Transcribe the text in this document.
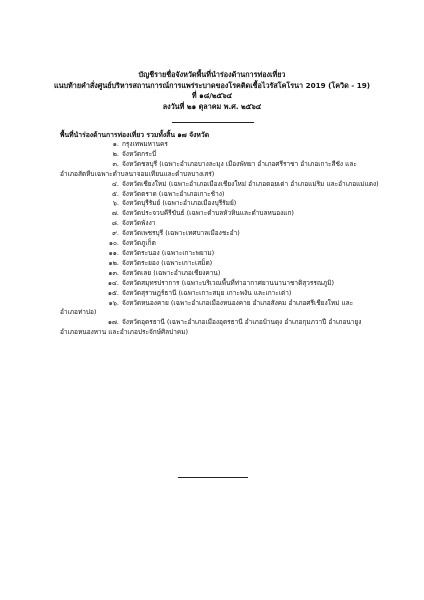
บัญชีรายชื่อจังหวัดพื้นที่นำร่องด้านการท่องเที่ยว
แนบท้ายคำสั่งศูนย์บริหารสถานการณ์การแพร่ระบาดของโรคติดเชื้อไวรัสโคโรนา 2019 (โควิด - 19)
ที่ ๑๘/๒๕๖๔
ลงวันที่ ๒๑ ตุลาคม พ.ศ. ๒๕๖๔
พื้นที่นำร่องด้านการท่องเที่ยว รวมทั้งสิ้น ๑๗ จังหวัด
๑. กรุงเทพมหานคร
๒. จังหวัดกระบี่
๓. จังหวัดชลบุรี (เฉพาะอำเภอบางละมุง เมืองพัทยา อำเภอศรีราชา อำเภอเกาะสีชัง และ
อำเภอสัตหีบเฉพาะตำบลนาจอมเทียนและตำบลบางเสร่)
๔. จังหวัดเชียงใหม่ (เฉพาะอำเภอเมืองเชียงใหม่ อำเภอดอยเต่า อำเภอแม่ริม และอำเภอแม่แตง)
๕. จังหวัดตราด (เฉพาะอำเภอเกาะช้าง)
๖. จังหวัดบุรีรัมย์ (เฉพาะอำเภอเมืองบุรีรัมย์)
๗. จังหวัดประจวบคีรีขันธ์ (เฉพาะตำบลหัวหินและตำบลหนองแก)
๘. จังหวัดพังงา
๙. จังหวัดเพชรบุรี (เฉพาะเทศบาลเมืองชะอำ)
๑๐. จังหวัดภูเก็ต
๑๑. จังหวัดระนอง (เฉพาะเกาะพยาม)
๑๒. จังหวัดระยอง (เฉพาะเกาะเสม็ด)
๑๓. จังหวัดเลย (เฉพาะอำเภอเชียงคาน)
๑๔. จังหวัดสมุทรปราการ (เฉพาะบริเวณพื้นที่ท่าอากาศยานนานาชาติสุวรรณภูมิ)
๑๕. จังหวัดสุราษฎร์ธานี (เฉพาะเกาะสมุย เกาะพงัน และเกาะเต่า)
๑๖. จังหวัดหนองคาย (เฉพาะอำเภอเมืองหนองคาย อำเภอสังคม อำเภอศรีเชียงใหม่ และ
อำเภอท่าบ่อ)
๑๗. จังหวัดอุดรธานี (เฉพาะอำเภอเมืองอุดรธานี อำเภอบ้านดุง อำเภอกุมภวาปี อำเภอนายูง
อำเภอหนองหาน และอำเภอประจักษ์ศิลปาคม)
